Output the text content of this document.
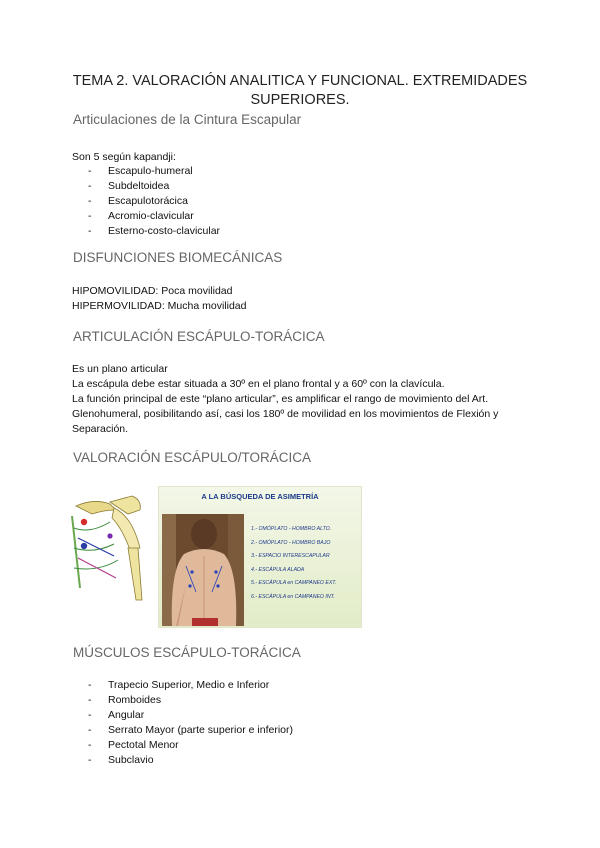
TEMA 2. VALORACIÓN ANALITICA Y FUNCIONAL. EXTREMIDADES SUPERIORES.
Articulaciones de la Cintura Escapular
Son 5 según kapandji:
- Escapulo-humeral
- Subdeltoidea
- Escapulotorácica
- Acromio-clavicular
- Esterno-costo-clavicular
DISFUNCIONES BIOMECÁNICAS
HIPOMOVILIDAD: Poca movilidad
HIPERMOVILIDAD: Mucha movilidad
ARTICULACIÓN ESCÁPULO-TORÁCICA
Es un plano articular
La escápula debe estar situada a 30º en el plano frontal y a 60º con la clavícula.
La función principal de este “plano articular”, es amplificar el rango de movimiento del Art. Glenohumeral, posibilitando así, casi los 180º de movilidad en los movimientos de Flexión y Separación.
VALORACIÓN ESCÁPULO/TORÁCICA
A LA BÚSQUEDA DE ASIMETRÍA
1.- OMÓPLATO - HOMBRO ALTO.
2.- OMÓPLATO - HOMBRO BAJO
3.- ESPACIO INTERESCAPULAR
4.- ESCÁPULA ALADA
5.- ESCÁPULA en CAMPANEO EXT.
6.- ESCÁPULA en CAMPANEO INT.
MÚSCULOS ESCÁPULO-TORÁCICA
- Trapecio Superior, Medio e Inferior
- Romboides
- Angular
- Serrato Mayor (parte superior e inferior)
- Pectotal Menor
- Subclavio
